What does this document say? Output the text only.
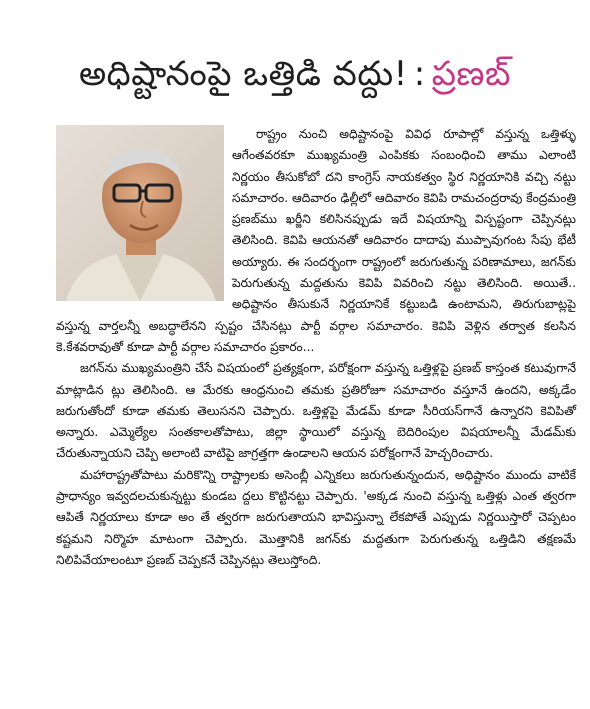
అధిష్టానంపై ఒత్తిడి వద్దు! : ప్రణబ్

రాష్ట్రం నుంచి అధిష్టానంపై వివిధ రూపాల్లో వస్తున్న ఒత్తిళ్ళు ఆగేంతవరకూ ముఖ్యమంత్రి ఎంపికకు సంబంధించి తాము ఎలాంటి నిర్ణయం తీసుకోబో దని కాంగ్రెస్ నాయకత్వం స్థిర నిర్ణయానికి వచ్చి నట్టు సమాచారం. ఆదివారం ఢిల్లీలో ఆదివారం కెవిపి రామచంద్రరావు కేంద్రమంత్రి ప్రణబ్‌ము ఖర్జీని కలిసినప్పుడు ఇదే విషయాన్ని విస్పష్టంగా చెప్పినట్లు తెలిసింది. కెవిపి ఆయనతో ఆదివారం దాదాపు ముప్పావుగంట సేపు భేటీ అయ్యారు. ఈ సందర్భంగా రాష్ట్రంలో జరుగుతున్న పరిణామాలు, జగన్‌కు పెరుగుతున్న మద్దతును కెవిపి వివరించి నట్టు తెలిసింది. అయితే.. అధిష్టానం తీసుకునే నిర్ణయానికే కట్టుబడి ఉంటామని, తిరుగుబాట్లపై వస్తున్న వార్తలన్నీ అబద్ధాలేనని స్పష్టం చేసినట్లు పార్టీ వర్గాల సమాచారం. కెవిపి వెళ్లిన తర్వాత కలసిన కె.కేశవరావుతో కూడా పార్టీ వర్గాల సమాచారం ప్రకారం...

జగన్‌ను ముఖ్యమంత్రిని చేసే విషయంలో ప్రత్యక్షంగా, పరోక్షంగా వస్తున్న ఒత్తిళ్లపై ప్రణబ్ కాస్తంత కటువుగానే మాట్లాడిన ట్లు తెలిసింది. ఆ మేరకు ఆంధ్రనుంచి తమకు ప్రతిరోజూ సమాచారం వస్తూనే ఉందని, అక్కడేం జరుగుతోందో కూడా తమకు తెలుసనని చెప్పారు. ఒత్తిళ్లపై మేడమ్ కూడా సీరియస్‌గానే ఉన్నారని కెవిపితో అన్నారు. ఎమ్మెల్యేల సంతకాలతోపాటు, జిల్లా స్థాయిలో వస్తున్న బెదిరింపుల విషయాలన్నీ మేడమ్‌కు చేరుతున్నాయని చెప్పి అలాంటి వాటిపై జాగ్రత్తగా ఉండాలని ఆయన పరోక్షంగానే హెచ్చరించారు.

మహారాష్ట్రతోపాటు మరికొన్ని రాష్ట్రాలకు అసెంబ్లీ ఎన్నికలు జరుగుతున్నందున, అధిష్టానం ముందు వాటికే ప్రాధాన్యం ఇవ్వదలచుకున్నట్టు కుండబ ద్దలు కొట్టినట్టు చెప్పారు. 'అక్కడ నుంచి వస్తున్న ఒత్తిళ్లు ఎంత త్వరగా ఆపితే నిర్ణయాలు కూడా అం తే త్వరగా జరుగుతాయని భావిస్తున్నా లేకపోతే ఎప్పుడు నిర్ణయిస్తారో చెప్పటం కష్టమని నిర్మొహ మాటంగా చెప్పారు. మొత్తానికి జగన్‌కు మద్దతుగా పెరుగుతున్న ఒత్తిడిని తక్షణమే నిలిపివేయాలంటూ ప్రణబ్ చెప్పకనే చెప్పినట్లు తెలుస్తోంది.
